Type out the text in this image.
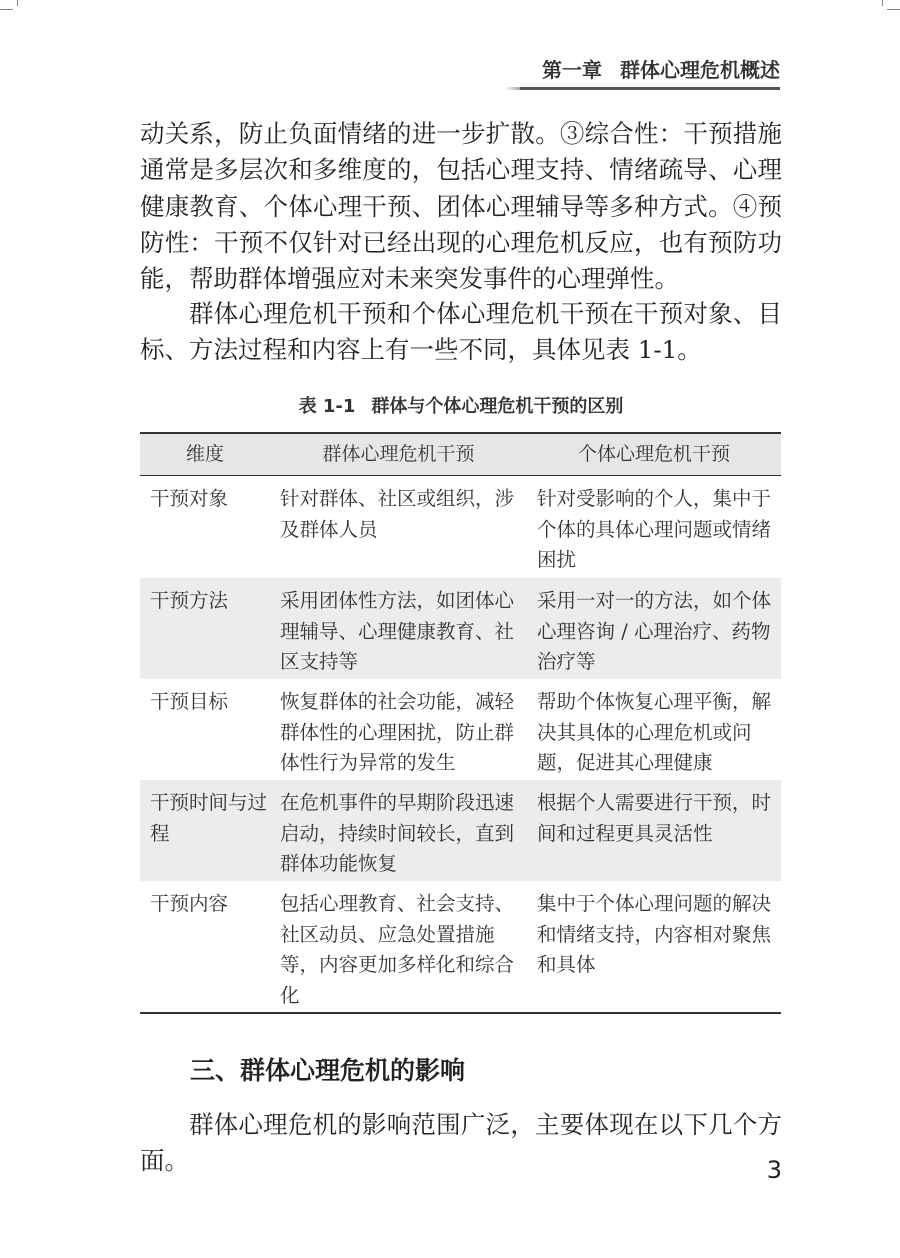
第一章 群体心理危机概述

动关系，防止负面情绪的进一步扩散。③综合性：干预措施通常是多层次和多维度的，包括心理支持、情绪疏导、心理健康教育、个体心理干预、团体心理辅导等多种方式。④预防性：干预不仅针对已经出现的心理危机反应，也有预防功能，帮助群体增强应对未来突发事件的心理弹性。

群体心理危机干预和个体心理危机干预在干预对象、目标、方法过程和内容上有一些不同，具体见表 1-1。

表 1-1 群体与个体心理危机干预的区别
维度	群体心理危机干预	个体心理危机干预
干预对象	针对群体、社区或组织，涉及群体人员	针对受影响的个人，集中于个体的具体心理问题或情绪困扰
干预方法	采用团体性方法，如团体心理辅导、心理健康教育、社区支持等	采用一对一的方法，如个体心理咨询 / 心理治疗、药物治疗等
干预目标	恢复群体的社会功能，减轻群体性的心理困扰，防止群体性行为异常的发生	帮助个体恢复心理平衡，解决其具体的心理危机或问题，促进其心理健康
干预时间与过程	在危机事件的早期阶段迅速启动，持续时间较长，直到群体功能恢复	根据个人需要进行干预，时间和过程更具灵活性
干预内容	包括心理教育、社会支持、社区动员、应急处置措施等，内容更加多样化和综合化	集中于个体心理问题的解决和情绪支持，内容相对聚焦和具体
三、群体心理危机的影响

群体心理危机的影响范围广泛，主要体现在以下几个方面。	3
